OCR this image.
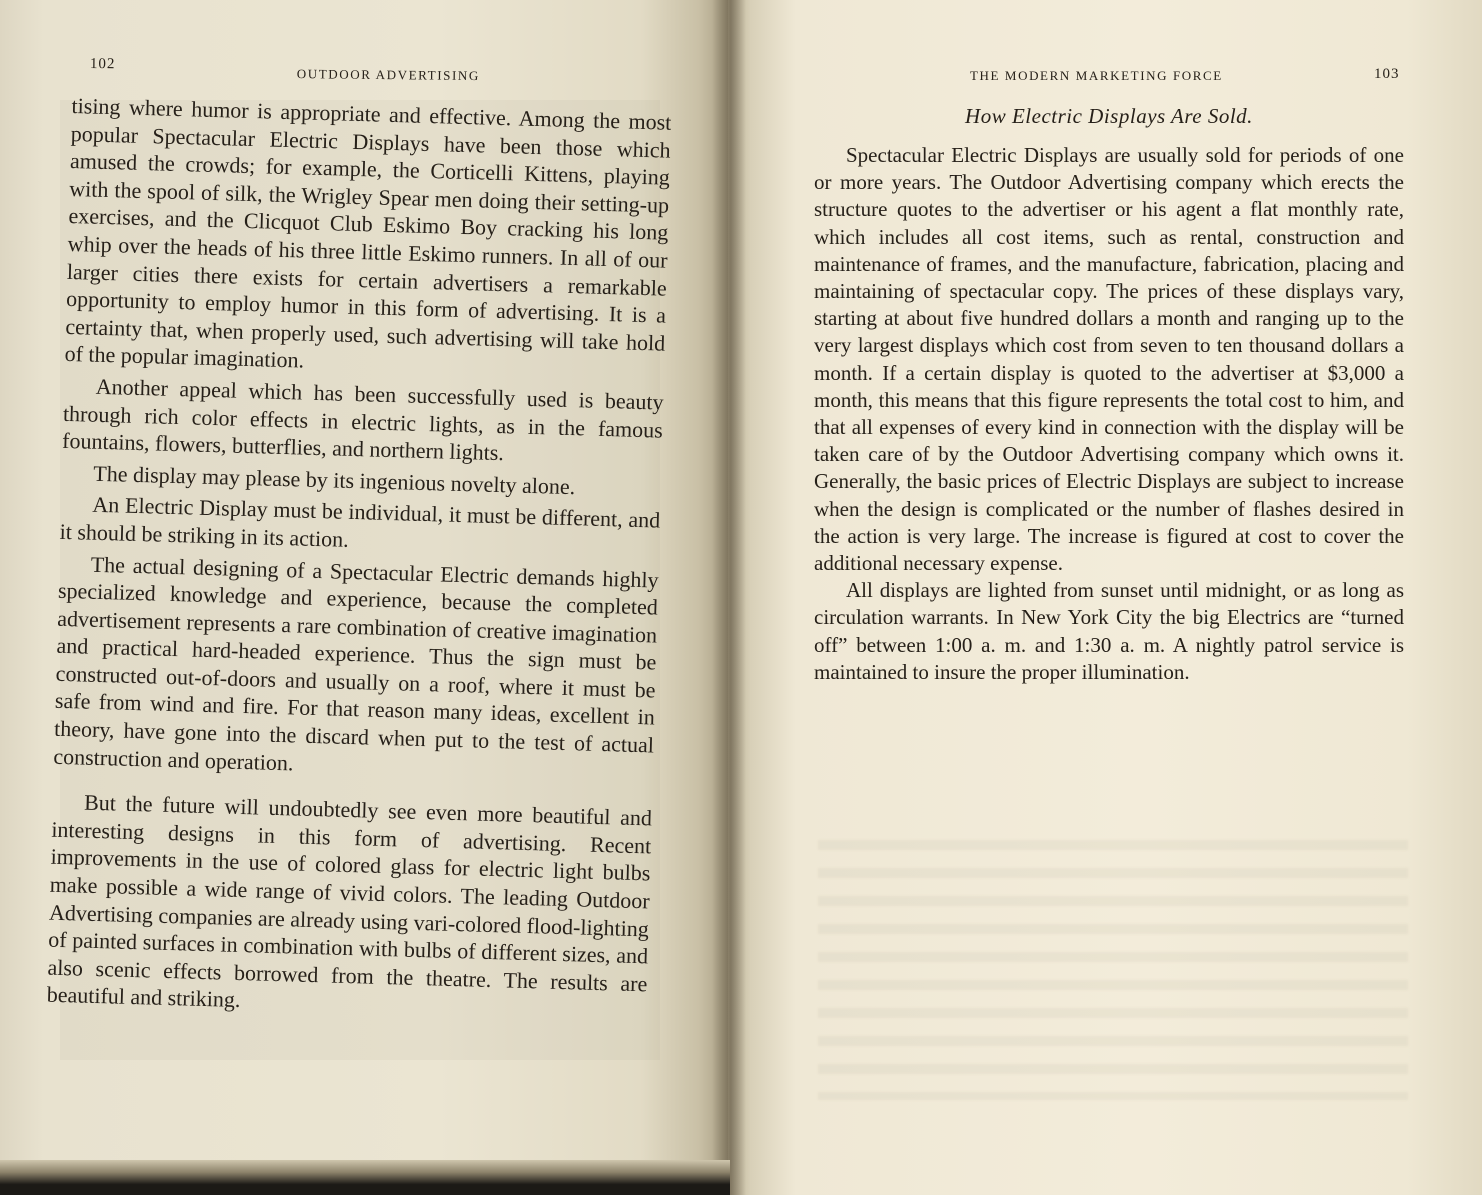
102
OUTDOOR ADVERTISING

tising where humor is appropriate and effective. Among the most popular Spectacular Electric Displays have been those which amused the crowds; for example, the Corticelli Kittens, playing with the spool of silk, the Wrigley Spear men doing their setting-up exercises, and the Clicquot Club Eskimo Boy cracking his long whip over the heads of his three little Eskimo runners. In all of our larger cities there exists for certain advertisers a remarkable opportunity to employ humor in this form of advertising. It is a certainty that, when properly used, such advertising will take hold of the popular imagination.

Another appeal which has been successfully used is beauty through rich color effects in electric lights, as in the famous fountains, flowers, butterflies, and northern lights.

The display may please by its ingenious novelty alone.

An Electric Display must be individual, it must be different, and it should be striking in its action.

The actual designing of a Spectacular Electric demands highly specialized knowledge and experience, because the completed advertisement represents a rare combination of creative imagination and practical hard-headed experience. Thus the sign must be constructed out-of-doors and usually on a roof, where it must be safe from wind and fire. For that reason many ideas, excellent in theory, have gone into the discard when put to the test of actual construction and operation.

But the future will undoubtedly see even more beautiful and interesting designs in this form of advertising. Recent improvements in the use of colored glass for electric light bulbs make possible a wide range of vivid colors. The leading Outdoor Advertising companies are already using vari-colored flood-lighting of painted surfaces in combination with bulbs of different sizes, and also scenic effects borrowed from the theatre. The results are beautiful and striking.

THE MODERN MARKETING FORCE	103
How Electric Displays Are Sold.

Spectacular Electric Displays are usually sold for periods of one or more years. The Outdoor Advertising company which erects the structure quotes to the advertiser or his agent a flat monthly rate, which includes all cost items, such as rental, construction and maintenance of frames, and the manufacture, fabrication, placing and maintaining of spectacular copy. The prices of these displays vary, starting at about five hundred dollars a month and ranging up to the very largest displays which cost from seven to ten thousand dollars a month. If a certain display is quoted to the advertiser at $3,000 a month, this means that this figure represents the total cost to him, and that all expenses of every kind in connection with the display will be taken care of by the Outdoor Advertising company which owns it. Generally, the basic prices of Electric Displays are subject to increase when the design is complicated or the number of flashes desired in the action is very large. The increase is figured at cost to cover the additional necessary expense.

All displays are lighted from sunset until midnight, or as long as circulation warrants. In New York City the big Electrics are “turned off” between 1:00 a. m. and 1:30 a. m. A nightly patrol service is maintained to insure the proper illumination.
